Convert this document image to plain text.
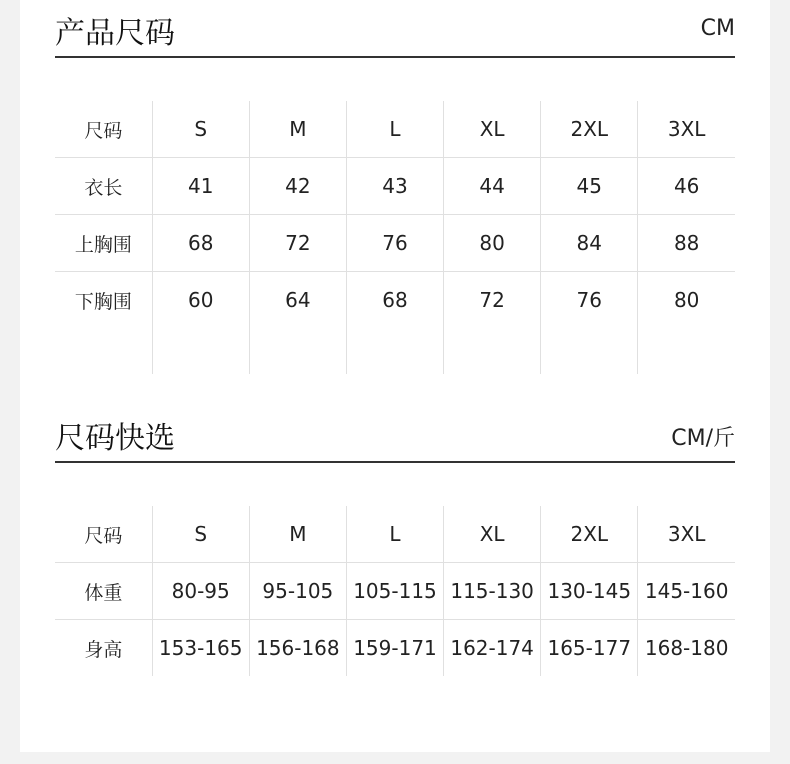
产品尺码	CM
尺码	S	M	L	XL	2XL	3XL
衣长	41	42	43	44	45	46
上胸围	68	72	76	80	84	88
下胸围	60	64	68	72	76	80

尺码快选	CM/斤
尺码	S	M	L	XL	2XL	3XL
体重	80-95	95-105	105-115	115-130	130-145	145-160
身高	153-165	156-168	159-171	162-174	165-177	168-180
